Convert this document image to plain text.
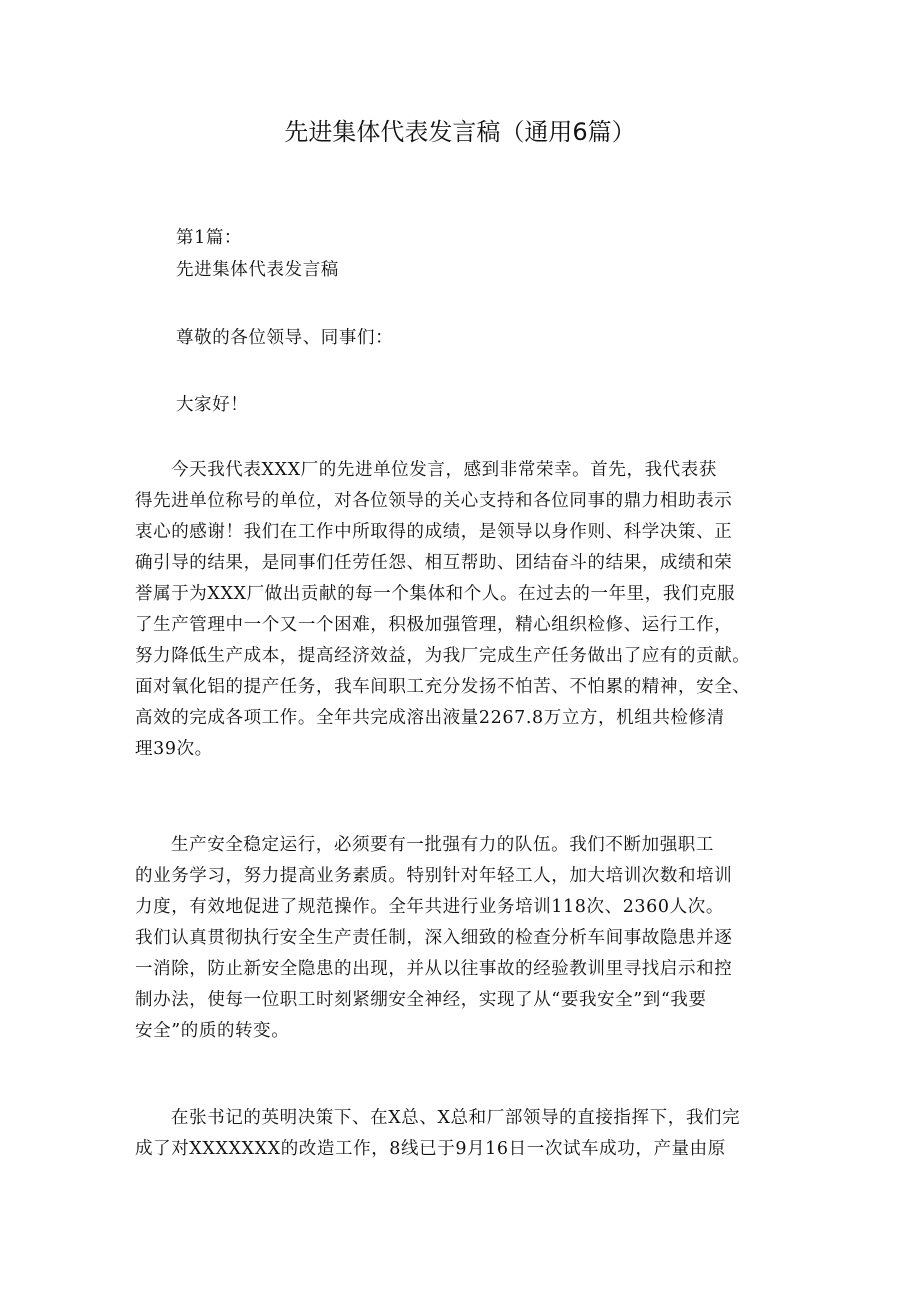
先进集体代表发言稿（通用6篇）
第1篇：
先进集体代表发言稿
尊敬的各位领导、同事们：
大家好！
今天我代表XXX厂的先进单位发言，感到非常荣幸。首先，我代表获
得先进单位称号的单位，对各位领导的关心支持和各位同事的鼎力相助表示
衷心的感谢！我们在工作中所取得的成绩，是领导以身作则、科学决策、正
确引导的结果，是同事们任劳任怨、相互帮助、团结奋斗的结果，成绩和荣
誉属于为XXX厂做出贡献的每一个集体和个人。在过去的一年里，我们克服
了生产管理中一个又一个困难，积极加强管理，精心组织检修、运行工作，
努力降低生产成本，提高经济效益，为我厂完成生产任务做出了应有的贡献。
面对氧化铝的提产任务，我车间职工充分发扬不怕苦、不怕累的精神，安全、
高效的完成各项工作。全年共完成溶出液量2267.8万立方，机组共检修清
理39次。
生产安全稳定运行，必须要有一批强有力的队伍。我们不断加强职工
的业务学习，努力提高业务素质。特别针对年轻工人，加大培训次数和培训
力度，有效地促进了规范操作。全年共进行业务培训118次、2360人次。
我们认真贯彻执行安全生产责任制，深入细致的检查分析车间事故隐患并逐
一消除，防止新安全隐患的出现，并从以往事故的经验教训里寻找启示和控
制办法，使每一位职工时刻紧绷安全神经，实现了从“要我安全”到“我要
安全”的质的转变。
在张书记的英明决策下、在X总、X总和厂部领导的直接指挥下，我们完
成了对XXXXXXX的改造工作，8线已于9月16日一次试车成功，产量由原
